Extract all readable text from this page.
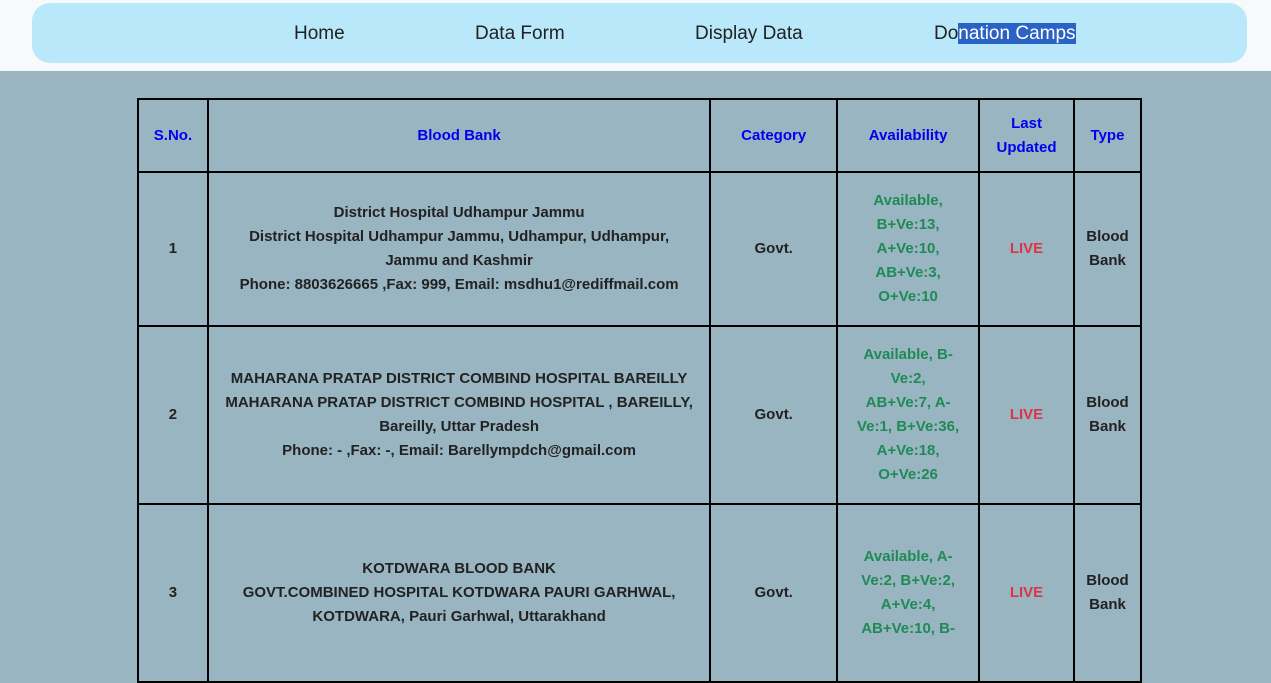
Home	Data Form	Display Data	Donation Camps
S.No.	Blood Bank	Category	Availability	Last Updated	Type
1	District Hospital Udhampur Jammu
District Hospital Udhampur Jammu, Udhampur, Udhampur, Jammu and Kashmir
Phone: 8803626665 ,Fax: 999, Email: msdhu1@rediffmail.com	Govt.	Available, B+Ve:13, A+Ve:10, AB+Ve:3, O+Ve:10	LIVE	Blood Bank
2	MAHARANA PRATAP DISTRICT COMBIND HOSPITAL BAREILLY
MAHARANA PRATAP DISTRICT COMBIND HOSPITAL , BAREILLY, Bareilly, Uttar Pradesh
Phone: - ,Fax: -, Email: Barellympdch@gmail.com	Govt.	Available, B-Ve:2, AB+Ve:7, A-Ve:1, B+Ve:36, A+Ve:18, O+Ve:26	LIVE	Blood Bank
3	KOTDWARA BLOOD BANK
GOVT.COMBINED HOSPITAL KOTDWARA PAURI GARHWAL, KOTDWARA, Pauri Garhwal, Uttarakhand	Govt.	Available, A-Ve:2, B+Ve:2, A+Ve:4, AB+Ve:10, B-	LIVE	Blood Bank
